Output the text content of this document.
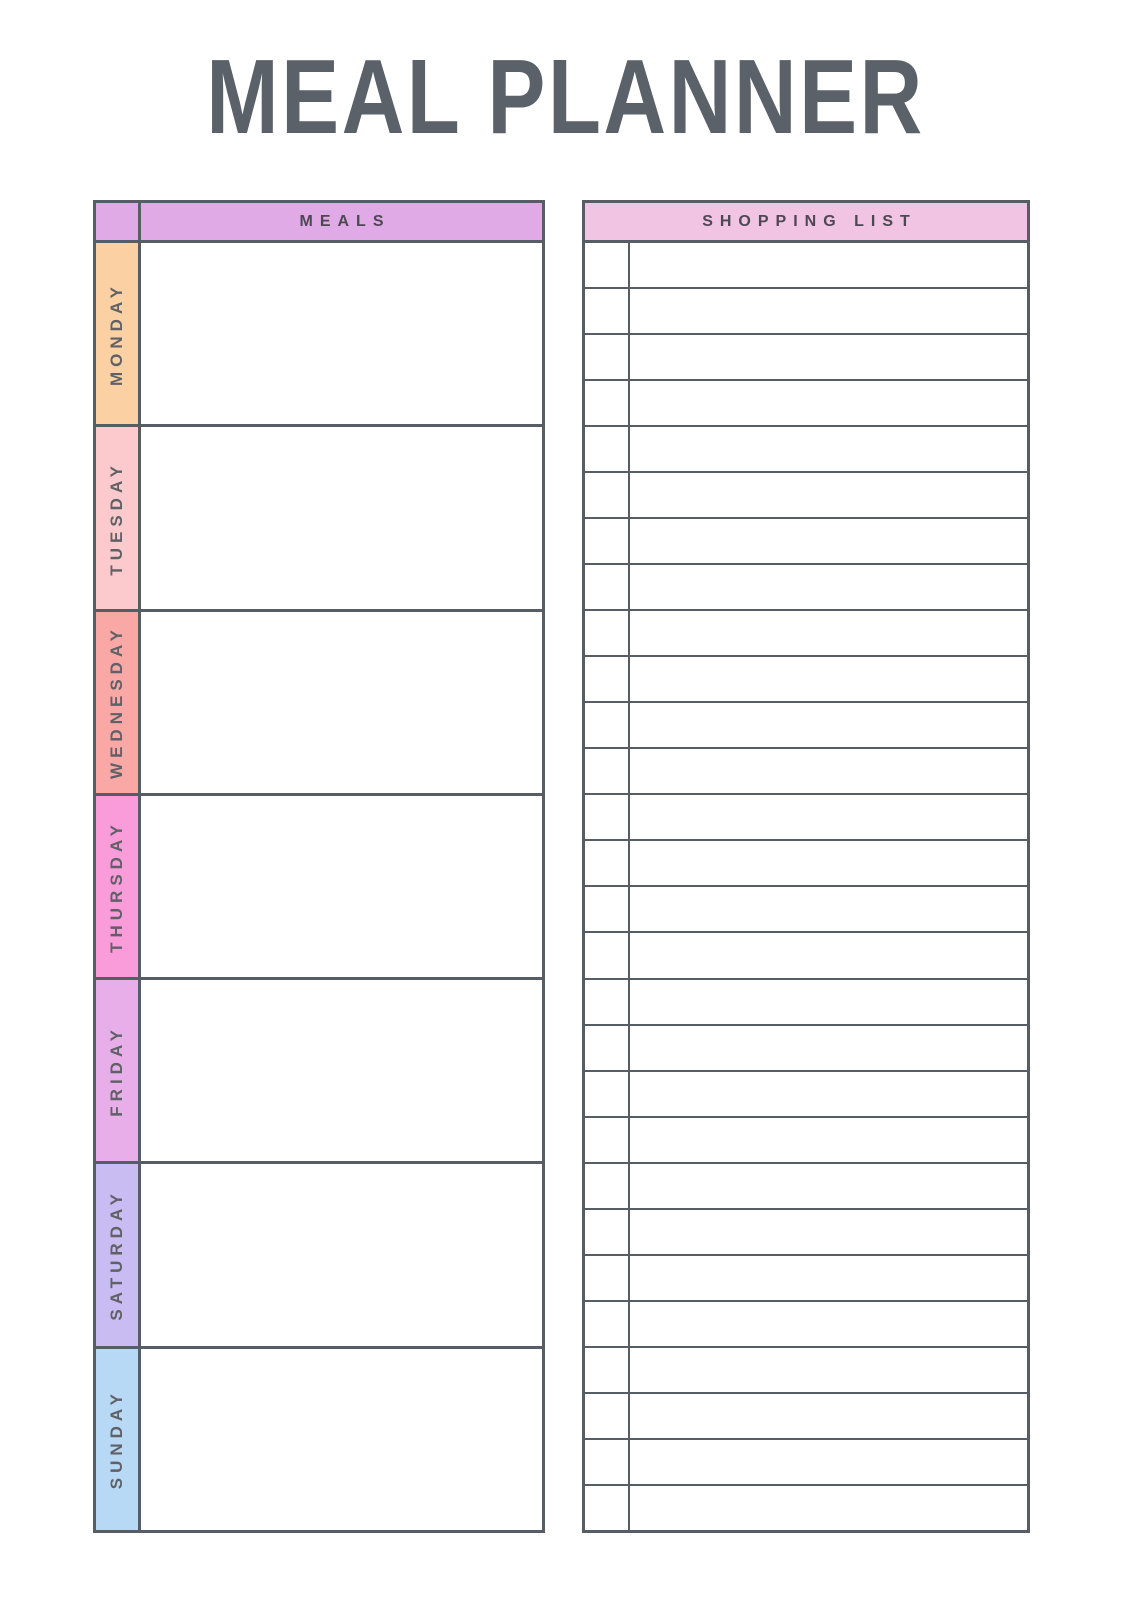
MEAL PLANNER
MEALS
MONDAY
TUESDAY
WEDNESDAY
THURSDAY
FRIDAY
SATURDAY
SUNDAY
SHOPPING LIST
